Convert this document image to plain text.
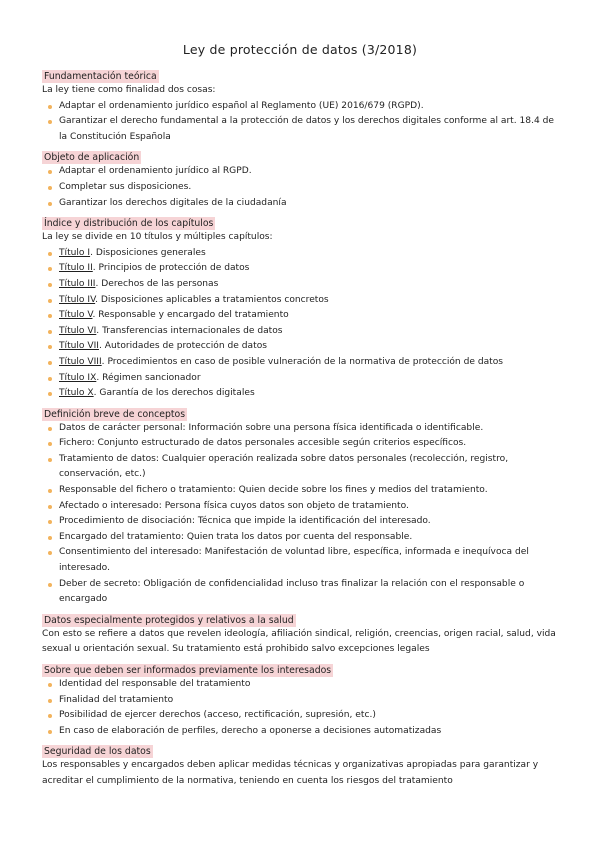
Ley de protección de datos (3/2018)
Fundamentación teórica
La ley tiene como finalidad dos cosas:
Adaptar el ordenamiento jurídico español al Reglamento (UE) 2016/679 (RGPD).
Garantizar el derecho fundamental a la protección de datos y los derechos digitales conforme al art. 18.4 de la Constitución Española
Objeto de aplicación
Adaptar el ordenamiento jurídico al RGPD.
Completar sus disposiciones.
Garantizar los derechos digitales de la ciudadanía
Índice y distribución de los capítulos
La ley se divide en 10 títulos y múltiples capítulos:
Título I. Disposiciones generales
Título II. Principios de protección de datos
Título III. Derechos de las personas
Título IV. Disposiciones aplicables a tratamientos concretos
Título V. Responsable y encargado del tratamiento
Título VI. Transferencias internacionales de datos
Título VII. Autoridades de protección de datos
Título VIII. Procedimientos en caso de posible vulneración de la normativa de protección de datos
Título IX. Régimen sancionador
Título X. Garantía de los derechos digitales
Definición breve de conceptos
Datos de carácter personal: Información sobre una persona física identificada o identificable.
Fichero: Conjunto estructurado de datos personales accesible según criterios específicos.
Tratamiento de datos: Cualquier operación realizada sobre datos personales (recolección, registro, conservación, etc.)
Responsable del fichero o tratamiento: Quien decide sobre los fines y medios del tratamiento.
Afectado o interesado: Persona física cuyos datos son objeto de tratamiento.
Procedimiento de disociación: Técnica que impide la identificación del interesado.
Encargado del tratamiento: Quien trata los datos por cuenta del responsable.
Consentimiento del interesado: Manifestación de voluntad libre, específica, informada e inequívoca del interesado.
Deber de secreto: Obligación de confidencialidad incluso tras finalizar la relación con el responsable o encargado
Datos especialmente protegidos y relativos a la salud
Con esto se refiere a datos que revelen ideología, afiliación sindical, religión, creencias, origen racial, salud, vida sexual u orientación sexual. Su tratamiento está prohibido salvo excepciones legales
Sobre que deben ser informados previamente los interesados
Identidad del responsable del tratamiento
Finalidad del tratamiento
Posibilidad de ejercer derechos (acceso, rectificación, supresión, etc.)
En caso de elaboración de perfiles, derecho a oponerse a decisiones automatizadas
Seguridad de los datos
Los responsables y encargados deben aplicar medidas técnicas y organizativas apropiadas para garantizar y acreditar el cumplimiento de la normativa, teniendo en cuenta los riesgos del tratamiento
